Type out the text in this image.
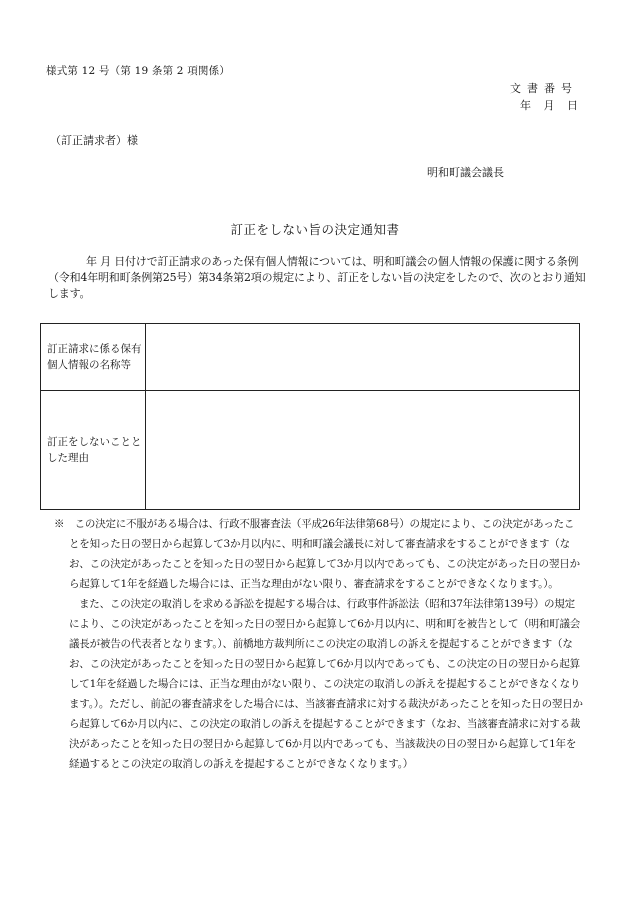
様式第 12 号（第 19 条第 2 項関係）
文書番号
年 月 日
（訂正請求者）様
明和町議会議長
訂正をしない旨の決定通知書
年 月 日付けで訂正請求のあった保有個人情報については、明和町議会の個人情報の保護に関する条例（令和4年明和町条例第25号）第34条第2項の規定により、訂正をしない旨の決定をしたので、次のとおり通知します。
訂正請求に係る保有個人情報の名称等	
訂正をしないこととした理由	

※　この決定に不服がある場合は、行政不服審査法（平成26年法律第68号）の規定により、この決定があったことを知った日の翌日から起算して3か月以内に、明和町議会議長に対して審査請求をすることができます（なお、この決定があったことを知った日の翌日から起算して3か月以内であっても、この決定があった日の翌日から起算して1年を経過した場合には、正当な理由がない限り、審査請求をすることができなくなります。）。

また、この決定の取消しを求める訴訟を提起する場合は、行政事件訴訟法（昭和37年法律第139号）の規定により、この決定があったことを知った日の翌日から起算して6か月以内に、明和町を被告として（明和町議会議長が被告の代表者となります。）、前橋地方裁判所にこの決定の取消しの訴えを提起することができます（なお、この決定があったことを知った日の翌日から起算して6か月以内であっても、この決定の日の翌日から起算して1年を経過した場合には、正当な理由がない限り、この決定の取消しの訴えを提起することができなくなります。）。ただし、前記の審査請求をした場合には、当該審査請求に対する裁決があったことを知った日の翌日から起算して6か月以内に、この決定の取消しの訴えを提起することができます（なお、当該審査請求に対する裁決があったことを知った日の翌日から起算して6か月以内であっても、当該裁決の日の翌日から起算して1年を経過するとこの決定の取消しの訴えを提起することができなくなります。）
